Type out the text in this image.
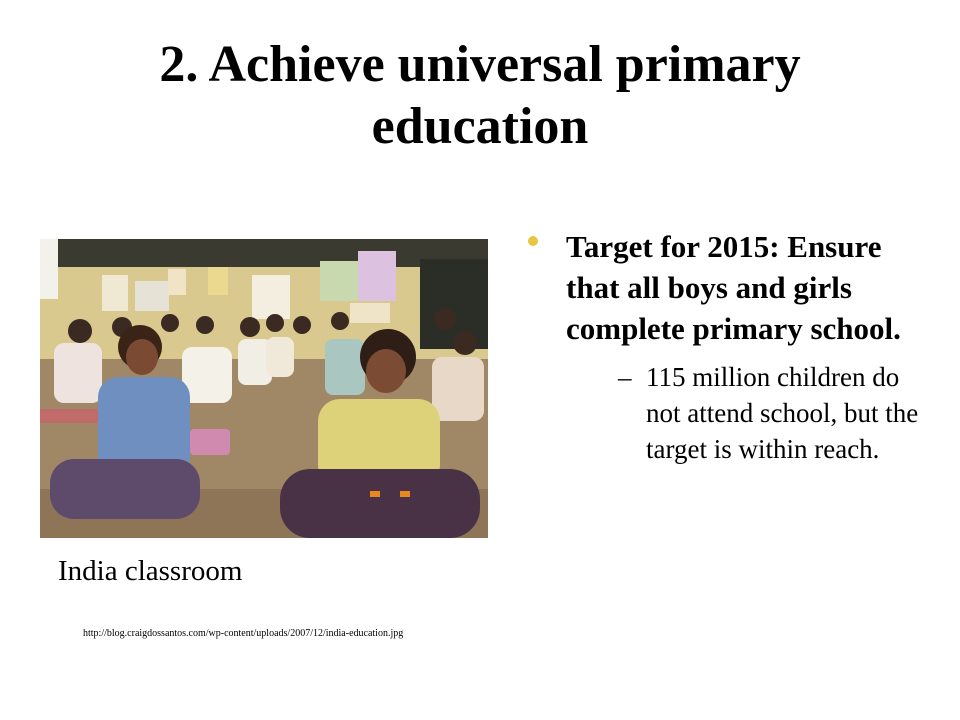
2. Achieve universal primary education
India classroom
http://blog.craigdossantos.com/wp-content/uploads/2007/12/india-education.jpg
Target for 2015: Ensure that all boys and girls complete primary school.
– 115 million children do not attend school, but the target is within reach.
